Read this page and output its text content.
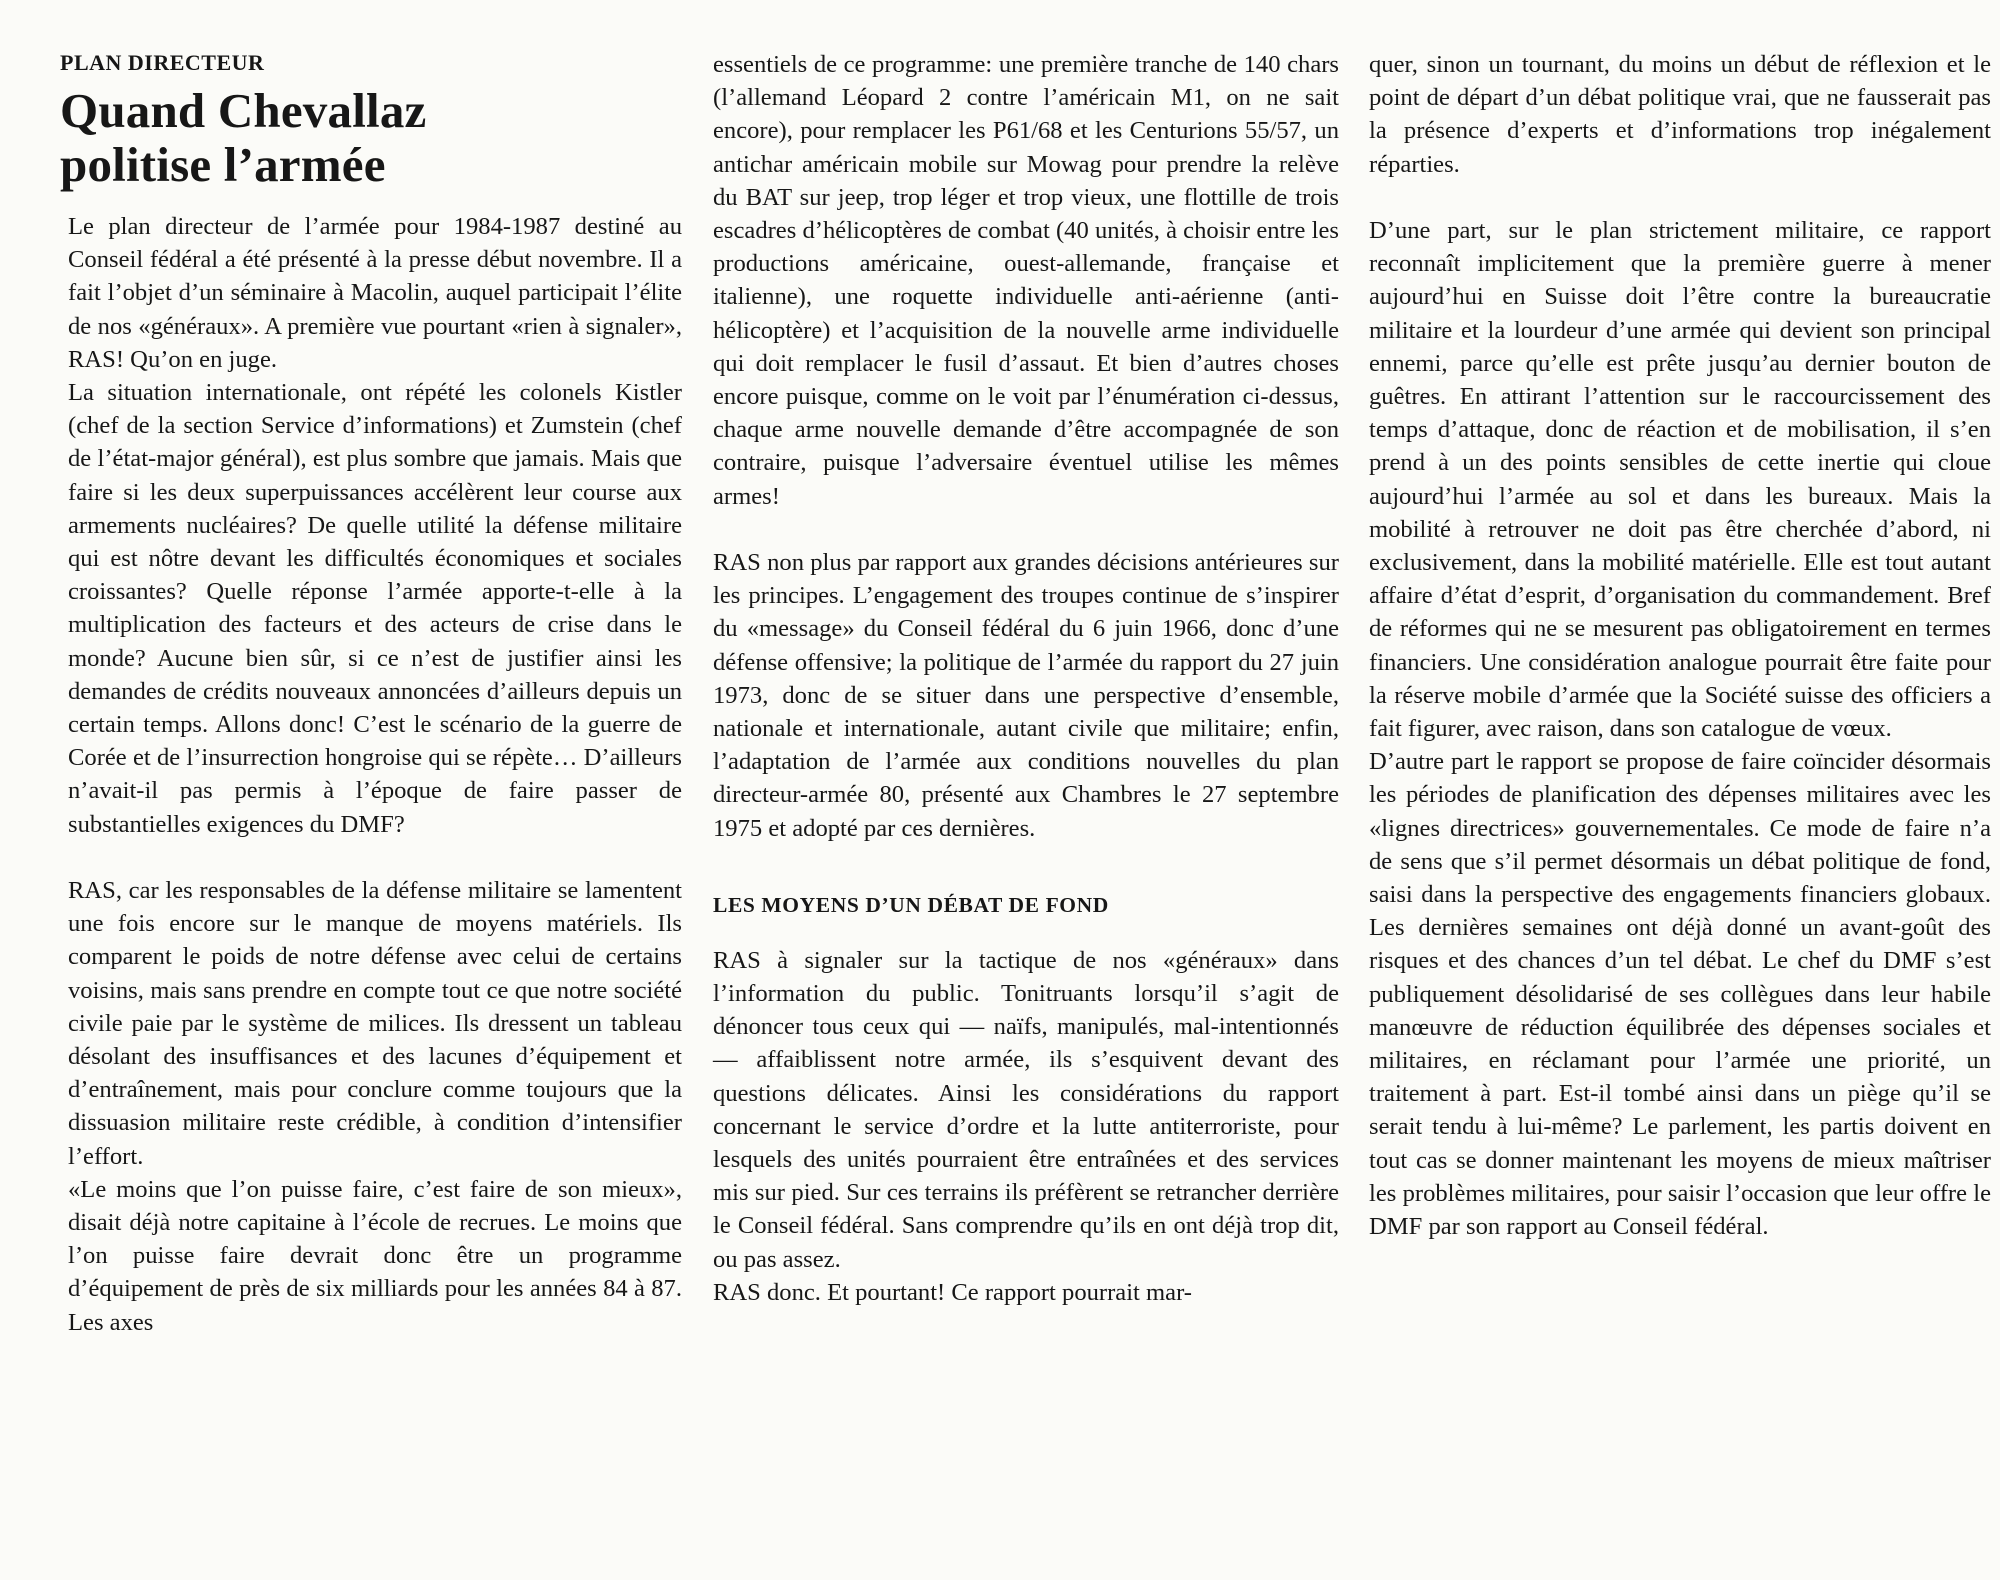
PLAN DIRECTEUR
Quand Chevallaz politise l’armée

Le plan directeur de l’armée pour 1984-1987 destiné au Conseil fédéral a été présenté à la presse début novembre. Il a fait l’objet d’un séminaire à Macolin, auquel participait l’élite de nos «généraux». A première vue pourtant «rien à signaler», RAS! Qu’on en juge.

La situation internationale, ont répété les colonels Kistler (chef de la section Service d’informations) et Zumstein (chef de l’état-major général), est plus sombre que jamais. Mais que faire si les deux superpuissances accélèrent leur course aux armements nucléaires? De quelle utilité la défense militaire qui est nôtre devant les difficultés économiques et sociales croissantes? Quelle réponse l’armée apporte-t-elle à la multiplication des facteurs et des acteurs de crise dans le monde? Aucune bien sûr, si ce n’est de justifier ainsi les demandes de crédits nouveaux annoncées d’ailleurs depuis un certain temps. Allons donc! C’est le scénario de la guerre de Corée et de l’insurrection hongroise qui se répète… D’ailleurs n’avait-il pas permis à l’époque de faire passer de substantielles exigences du DMF?

RAS, car les responsables de la défense militaire se lamentent une fois encore sur le manque de moyens matériels. Ils comparent le poids de notre défense avec celui de certains voisins, mais sans prendre en compte tout ce que notre société civile paie par le système de milices. Ils dressent un tableau désolant des insuffisances et des lacunes d’équipement et d’entraînement, mais pour conclure comme toujours que la dissuasion militaire reste crédible, à condition d’intensifier l’effort.

«Le moins que l’on puisse faire, c’est faire de son mieux», disait déjà notre capitaine à l’école de recrues. Le moins que l’on puisse faire devrait donc être un programme d’équipement de près de six milliards pour les années 84 à 87. Les axes

essentiels de ce programme: une première tranche de 140 chars (l’allemand Léopard 2 contre l’américain M1, on ne sait encore), pour remplacer les P61/68 et les Centurions 55/57, un antichar américain mobile sur Mowag pour prendre la relève du BAT sur jeep, trop léger et trop vieux, une flottille de trois escadres d’hélicoptères de combat (40 unités, à choisir entre les productions américaine, ouest-allemande, française et italienne), une roquette individuelle anti-aérienne (anti-hélicoptère) et l’acquisition de la nouvelle arme individuelle qui doit remplacer le fusil d’assaut. Et bien d’autres choses encore puisque, comme on le voit par l’énumération ci-dessus, chaque arme nouvelle demande d’être accompagnée de son contraire, puisque l’adversaire éventuel utilise les mêmes armes!

RAS non plus par rapport aux grandes décisions antérieures sur les principes. L’engagement des troupes continue de s’inspirer du «message» du Conseil fédéral du 6 juin 1966, donc d’une défense offensive; la politique de l’armée du rapport du 27 juin 1973, donc de se situer dans une perspective d’ensemble, nationale et internationale, autant civile que militaire; enfin, l’adaptation de l’armée aux conditions nouvelles du plan directeur-armée 80, présenté aux Chambres le 27 septembre 1975 et adopté par ces dernières.

LES MOYENS D’UN DÉBAT DE FOND

RAS à signaler sur la tactique de nos «généraux» dans l’information du public. Tonitruants lorsqu’il s’agit de dénoncer tous ceux qui — naïfs, manipulés, mal-intentionnés — affaiblissent notre armée, ils s’esquivent devant des questions délicates. Ainsi les considérations du rapport concernant le service d’ordre et la lutte antiterroriste, pour lesquels des unités pourraient être entraînées et des services mis sur pied. Sur ces terrains ils préfèrent se retrancher derrière le Conseil fédéral. Sans comprendre qu’ils en ont déjà trop dit, ou pas assez.

RAS donc. Et pourtant! Ce rapport pourrait mar-

quer, sinon un tournant, du moins un début de réflexion et le point de départ d’un débat politique vrai, que ne fausserait pas la présence d’experts et d’informations trop inégalement réparties.

D’une part, sur le plan strictement militaire, ce rapport reconnaît implicitement que la première guerre à mener aujourd’hui en Suisse doit l’être contre la bureaucratie militaire et la lourdeur d’une armée qui devient son principal ennemi, parce qu’elle est prête jusqu’au dernier bouton de guêtres. En attirant l’attention sur le raccourcissement des temps d’attaque, donc de réaction et de mobilisation, il s’en prend à un des points sensibles de cette inertie qui cloue aujourd’hui l’armée au sol et dans les bureaux. Mais la mobilité à retrouver ne doit pas être cherchée d’abord, ni exclusivement, dans la mobilité matérielle. Elle est tout autant affaire d’état d’esprit, d’organisation du commandement. Bref de réformes qui ne se mesurent pas obligatoirement en termes financiers. Une considération analogue pourrait être faite pour la réserve mobile d’armée que la Société suisse des officiers a fait figurer, avec raison, dans son catalogue de vœux.

D’autre part le rapport se propose de faire coïncider désormais les périodes de planification des dépenses militaires avec les «lignes directrices» gouvernementales. Ce mode de faire n’a de sens que s’il permet désormais un débat politique de fond, saisi dans la perspective des engagements financiers globaux. Les dernières semaines ont déjà donné un avant-goût des risques et des chances d’un tel débat. Le chef du DMF s’est publiquement désolidarisé de ses collègues dans leur habile manœuvre de réduction équilibrée des dépenses sociales et militaires, en réclamant pour l’armée une priorité, un traitement à part. Est-il tombé ainsi dans un piège qu’il se serait tendu à lui-même? Le parlement, les partis doivent en tout cas se donner maintenant les moyens de mieux maîtriser les problèmes militaires, pour saisir l’occasion que leur offre le DMF par son rapport au Conseil fédéral.
